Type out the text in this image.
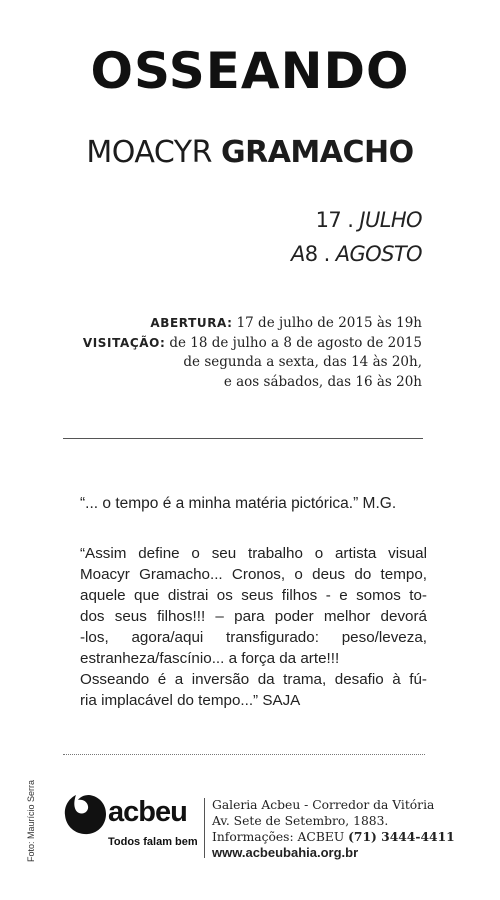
OSSEANDO
MOACYR GRAMACHO
17 . JULHO
A8 . AGOSTO
ABERTURA: 17 de julho de 2015 às 19h
VISITAÇÃO: de 18 de julho a 8 de agosto de 2015
de segunda a sexta, das 14 às 20h,
e aos sábados, das 16 às 20h
“... o tempo é a minha matéria pictórica.” M.G.
“Assim define o seu trabalho o artista visual
Moacyr Gramacho... Cronos, o deus do tempo,
aquele que distrai os seus filhos - e somos to-
dos seus filhos!!! – para poder melhor devorá
-los, agora/aqui transfigurado: peso/leveza,
estranheza/fascínio... a força da arte!!!
Osseando é a inversão da trama, desafio à fú-
ria implacável do tempo...” SAJA
Foto: Maurício Serra acbeu
Todos falam bem
Galeria Acbeu - Corredor da Vitória
Av. Sete de Setembro, 1883.
Informações: ACBEU (71) 3444-4411
www.acbeubahia.org.br
